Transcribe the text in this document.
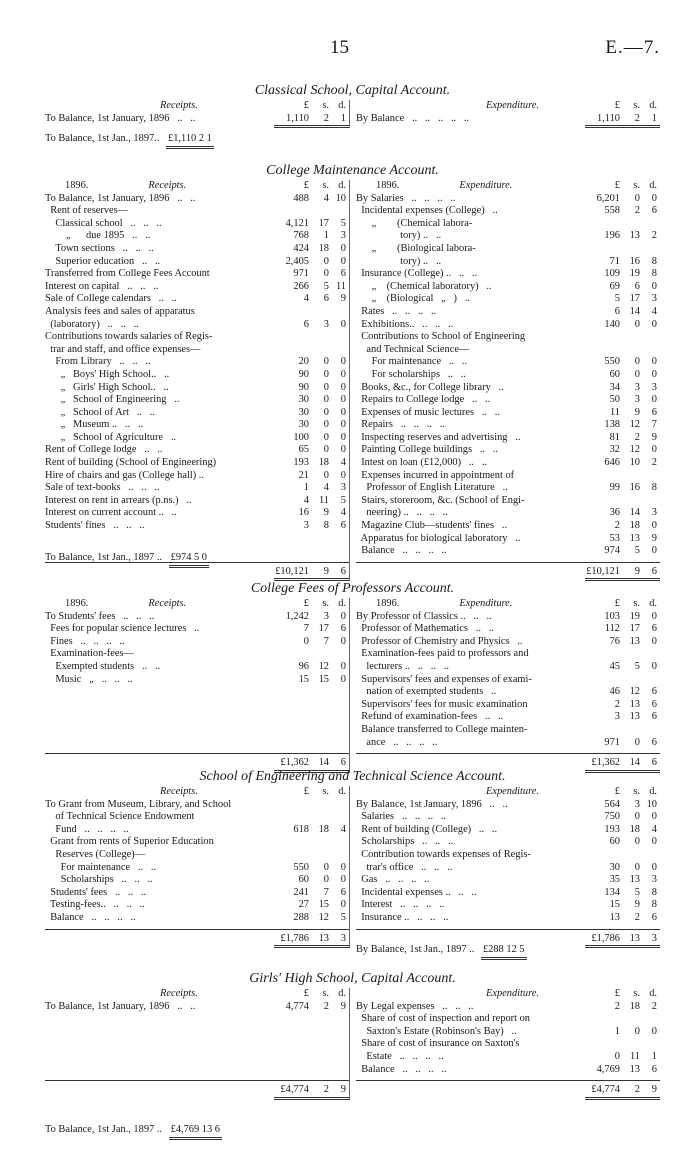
15	E.—7.
Classical School, Capital Account.
Receipts.	£	s. d.
To Balance, 1st January, 1896   ..   ..	1,110	2	1
Expenditure.	£	s. d.
By Balance   ..   ..   ..   ..   ..	1,110	2	1
To Balance, 1st Jan., 1897.. £1,110 2 1
College Maintenance Account.
1896.	Receipts.	£	s. d.
To Balance, 1st January, 1896   ..   ..	488	4 10
Rent of reserves—
Classical school   ..   ..   ..	4,121 17	5
„      due 1895   ..   ..	768	1	3
Town sections   ..   ..   ..	424 18	0
Superior education   ..   ..	2,405	0	0
Transferred from College Fees Account	971	0	6
Interest on capital   ..   ..   ..	266	5 11
Sale of College calendars   ..   ..	4	6	9
Analysis fees and sales of apparatus
(laboratory)   ..   ..   ..	6	3	0
Contributions towards salaries of Regis-
trar and staff, and office expenses—
From Library   ..   ..   ..	20	0	0
„   Boys' High School..   ..	90	0	0
„   Girls' High School..   ..	90	0	0
„   School of Engineering   ..	30	0	0
„   School of Art   ..   ..	30	0	0
„   Museum ..   ..   ..	30	0	0
„   School of Agriculture   ..	100	0	0
Rent of College lodge   ..   ..	65	0	0
Rent of building (School of Engineering)	193 18	4
Hire of chairs and gas (College hall) ..	21	0	0
Sale of text-books   ..   ..   ..	1	4	3
Interest on rent in arrears (p.ns.)   ..	4 11	5
Interest on current account ..   ..	16	9	4
Students' fines   ..   ..   ..	3	8	6
£10,121	9	6
1896.	Expenditure.	£	s. d.
By Salaries   ..   ..   ..   ..	6,201	0	0
Incidental expenses (College)   ..	558	2	6
„        (Chemical labora-
tory) ..   ..	196 13	2
„        (Biological labora-
tory) ..   ..	71 16	8
Insurance (College) ..   ..   ..	109 19	8
„    (Chemical laboratory)   ..	69	6	0
„    (Biological   „   )   ..	5 17	3
Rates   ..   ..   ..   ..	6 14	4
Exhibitions..   ..   ..   ..	140	0	0
Contributions to School of Engineering
and Technical Science—
For maintenance   ..   ..	550	0	0
For scholarships   ..   ..	60	0	0
Books, &c., for College library   ..	34	3	3
Repairs to College lodge   ..   ..	50	3	0
Expenses of music lectures   ..   ..	11	9	6
Repairs   ..   ..   ..   ..	138 12	7
Inspecting reserves and advertising   ..	81	2	9
Painting College buildings   ..   ..	32 12	0
Intest on loan (£12,000)   ..   ..	646 10	2
Expenses incurred in appointment of
Professor of English Literature   ..	99 16	8
Stairs, storeroom, &c. (School of Engi-
neering) ..   ..   ..   ..	36 14	3
Magazine Club—students' fines   ..	2 18	0
Apparatus for biological laboratory   ..	53 13	9
Balance   ..   ..   ..   ..	974	5	0
£10,121	9	6
To Balance, 1st Jan., 1897 .. £974 5 0
College Fees of Professors Account.
1896.	Receipts.	£	s. d.
To Students' fees   ..   ..   ..	1,242	3	0
Fees for popular science lectures   ..	7 17	6
Fines   ..   ..   ..   ..	0	7	0
Examination-fees—
Exempted students   ..   ..	96 12	0
Music   „   ..   ..   ..	15 15	0
£1,362 14	6
1896.	Expenditure.	£	s. d.
By Professor of Classics ..   ..   ..	103 19	0
Professor of Mathematics   ..   ..	112 17	6
Professor of Chemistry and Physics   ..	76 13	0
Examination-fees paid to professors and
lecturers ..   ..   ..   ..	45	5	0
Supervisors' fees and expenses of exami-
nation of exempted students   ..	46 12	6
Supervisors' fees for music examination	2 13	6
Refund of examination-fees   ..   ..	3 13	6
Balance transferred to College mainten-
ance   ..   ..   ..   ..	971	0	6
£1,362 14	6
School of Engineering and Technical Science Account.
Receipts.	£	s. d.
To Grant from Museum, Library, and School
of Technical Science Endowment
Fund   ..   ..   ..   ..	618 18	4
Grant from rents of Superior Education
Reserves (College)—
For maintenance   ..   ..	550	0	0
Scholarships   ..   ..   ..	60	0	0
Students' fees   ..   ..   ..	241	7	6
Testing-fees..   ..   ..   ..	27 15	0
Balance   ..   ..   ..   ..	288 12	5
£1,786 13	3
Expenditure.	£	s. d.
By Balance, 1st January, 1896   ..   ..	564	3 10
Salaries   ..   ..   ..   ..	750	0	0
Rent of building (College)   ..   ..	193 18	4
Scholarships   ..   ..   ..	60	0	0
Contribution towards expenses of Regis-
trar's office   ..   ..   ..	30	0	0
Gas   ..   ..   ..   ..	35 13	3
Incidental expenses ..   ..   ..	134	5	8
Interest   ..   ..   ..   ..	15	9	8
Insurance ..   ..   ..   ..	13	2	6
£1,786 13	3
By Balance, 1st Jan., 1897 .. £288 12 5
Girls' High School, Capital Account.
Receipts.	£	s. d.
To Balance, 1st January, 1896   ..   ..	4,774	2	9
£4,774	2	9
Expenditure.	£	s. d.
By Legal expenses   ..   ..   ..	2 18	2
Share of cost of inspection and report on
Saxton's Estate (Robinson's Bay)   ..	1	0	0
Share of cost of insurance on Saxton's
Estate   ..   ..   ..   ..	0 11	1
Balance   ..   ..   ..   ..	4,769 13	6
£4,774	2	9
To Balance, 1st Jan., 1897 .. £4,769 13 6
